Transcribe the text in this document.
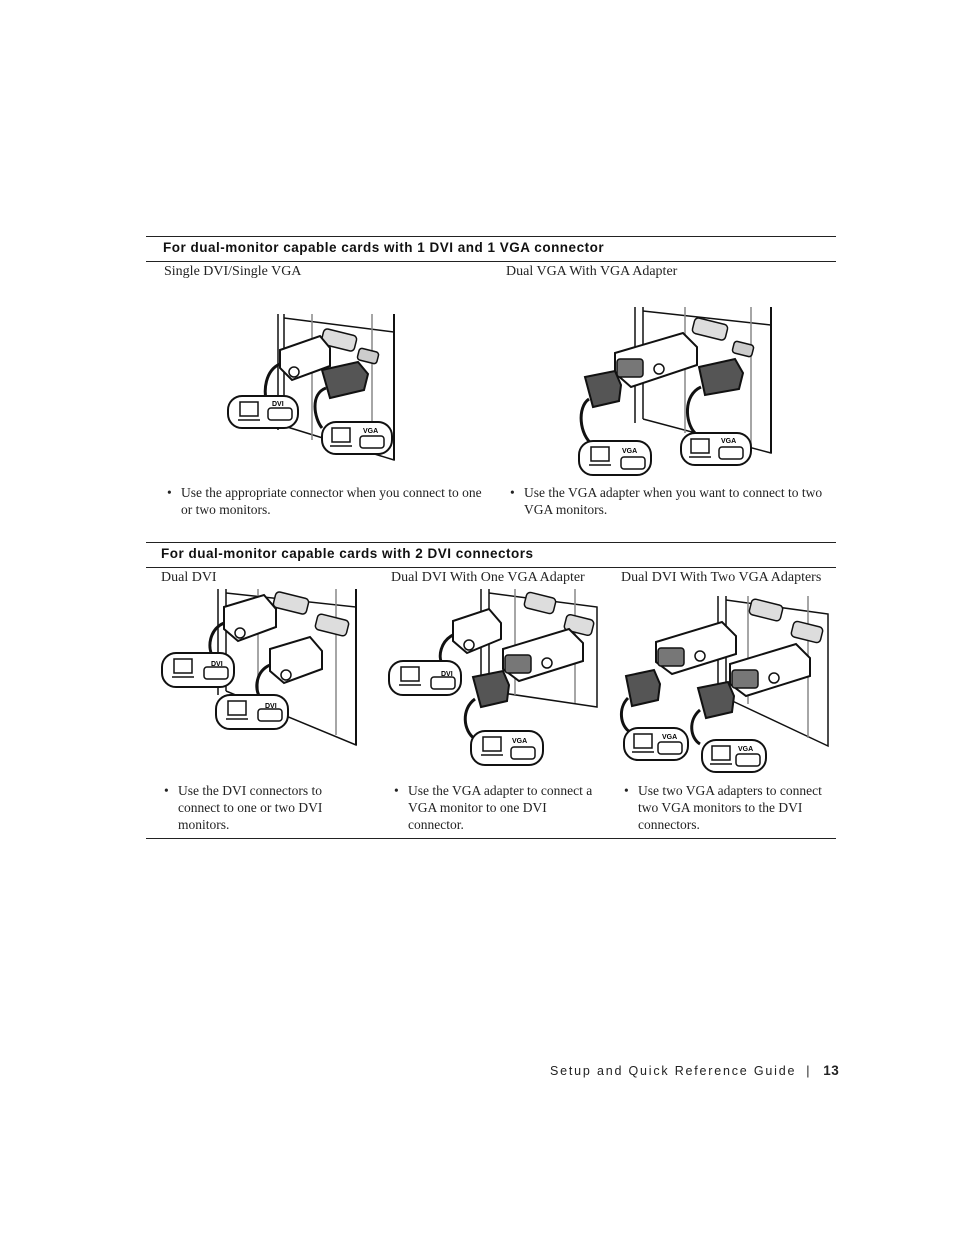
For dual-monitor capable cards with 1 DVI and 1 VGA connector
Single DVI/Single VGA	Dual VGA With VGA Adapter
DVI
VGA
VGA
VGA
• Use the appropriate connector when you connect to one or two monitors.
• Use the VGA adapter when you want to connect to two VGA monitors.
For dual-monitor capable cards with 2 DVI connectors
Dual DVI	Dual DVI With One VGA Adapter	Dual DVI With Two VGA Adapters
DVI
DVI
DVI
VGA
VGA
VGA
• Use the DVI connectors to connect to one or two DVI monitors.
• Use the VGA adapter to connect a VGA monitor to one DVI connector.
• Use two VGA adapters to connect two VGA monitors to the DVI connectors.
Setup and Quick Reference Guide | 13
